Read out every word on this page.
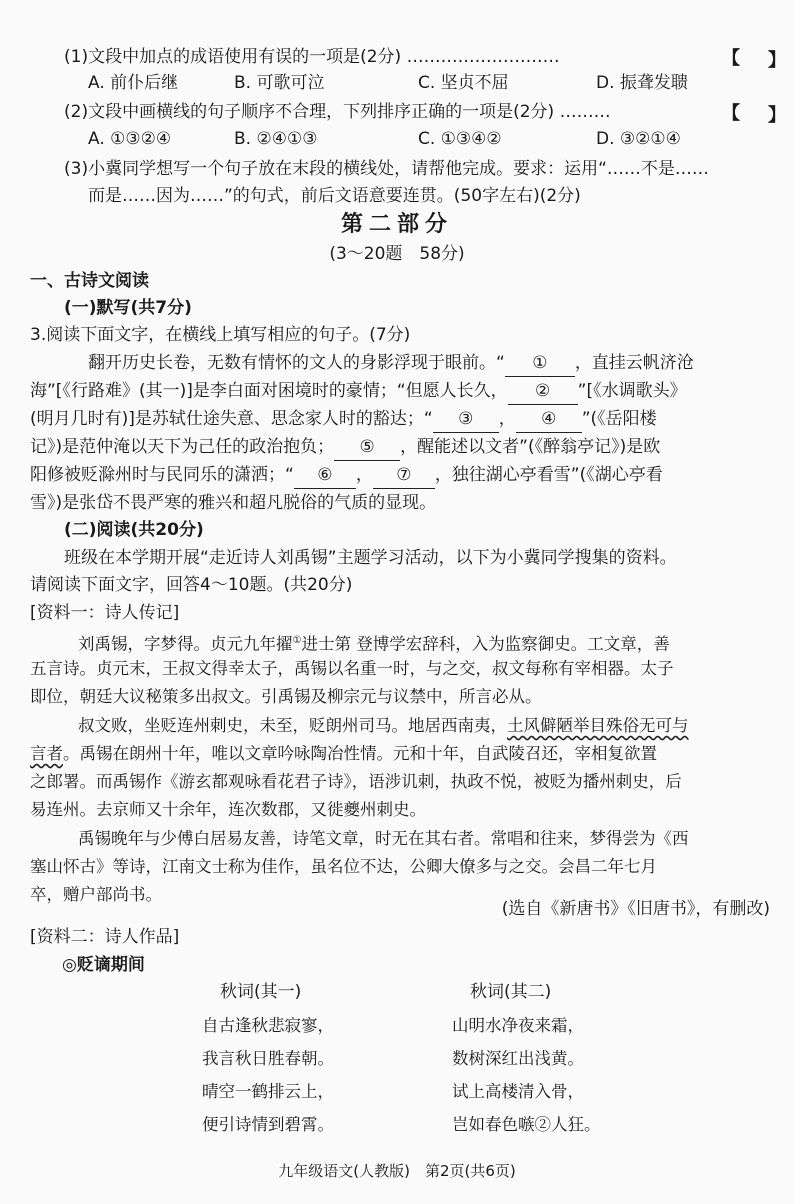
(1)文段中加点的成语使用有误的一项是(2分) ………………………	【 】
A. 前仆后继	B. 可歌可泣	C. 坚贞不屈	D. 振聋发聩
(2)文段中画横线的句子顺序不合理，下列排序正确的一项是(2分) ………	【 】
A. ①③②④	B. ②④①③	C. ①③④②	D. ③②①④
(3)小冀同学想写一个句子放在末段的横线处，请帮他完成。要求：运用“……不是……
而是……因为……”的句式，前后文语意要连贯。(50字左右)(2分)
第二部分
(3～20题　58分)
一、古诗文阅读
(一)默写(共7分)
3.阅读下面文字，在横线上填写相应的句子。(7分)
翻开历史长卷，无数有情怀的文人的身影浮现于眼前。“ ① ，直挂云帆济沧
海”[《行路难》(其一)]是李白面对困境时的豪情；“但愿人长久， ② ”[《水调歌头》
(明月几时有)]是苏轼仕途失意、思念家人时的豁达；“ ③ ， ④ ”(《岳阳楼
记》)是范仲淹以天下为己任的政治抱负； ⑤ ，醒能述以文者”(《醉翁亭记》)是欧
阳修被贬滁州时与民同乐的潇洒；“ ⑥ ， ⑦ ，独往湖心亭看雪”(《湖心亭看
雪》)是张岱不畏严寒的雅兴和超凡脱俗的气质的显现。
(二)阅读(共20分)
班级在本学期开展“走近诗人刘禹锡”主题学习活动，以下为小冀同学搜集的资料。
请阅读下面文字，回答4～10题。(共20分)
[资料一：诗人传记]
刘禹锡，字梦得。贞元九年擢①进士第 登博学宏辞科，入为监察御史。工文章，善
五言诗。贞元末，王叔文得幸太子，禹锡以名重一时，与之交，叔文每称有宰相器。太子
即位，朝廷大议秘策多出叔文。引禹锡及柳宗元与议禁中，所言必从。
叔文败，坐贬连州刺史，未至，贬朗州司马。地居西南夷，土风僻陋举目殊俗无可与
言者。禹锡在朗州十年，唯以文章吟咏陶冶性情。元和十年，自武陵召还，宰相复欲置
之郎署。而禹锡作《游玄都观咏看花君子诗》，语涉讥刺，执政不悦，被贬为播州刺史，后
易连州。去京师又十余年，连次数郡，又徙夔州刺史。
禹锡晚年与少傅白居易友善，诗笔文章，时无在其右者。常唱和往来，梦得尝为《西
塞山怀古》等诗，江南文士称为佳作，虽名位不达，公卿大僚多与之交。会昌二年七月
卒，赠户部尚书。
(选自《新唐书》《旧唐书》，有删改)
[资料二：诗人作品]
◎贬谪期间
秋词(其一)
自古逢秋悲寂寥，
我言秋日胜春朝。
晴空一鹤排云上，
便引诗情到碧霄。
秋词(其二)
山明水净夜来霜，
数树深红出浅黄。
试上高楼清入骨，
岂如春色嗾②人狂。
九年级语文(人教版)　第2页(共6页)
